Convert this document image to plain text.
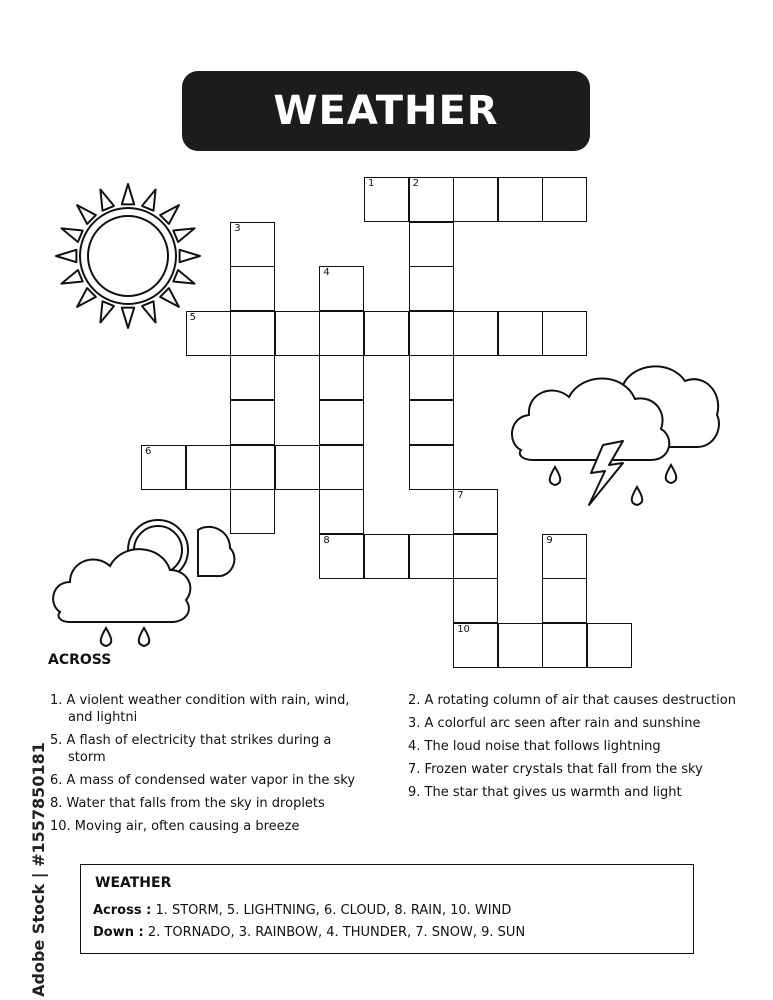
WEATHER
1	2
3
4
5
6
7
8	9
10
ACROSS
1. A violent weather condition with rain, wind, and lightni
5. A flash of electricity that strikes during a storm
6. A mass of condensed water vapor in the sky
8. Water that falls from the sky in droplets
10. Moving air, often causing a breeze
2. A rotating column of air that causes destruction
3. A colorful arc seen after rain and sunshine
4. The loud noise that follows lightning
7. Frozen water crystals that fall from the sky
9. The star that gives us warmth and light
WEATHER
Across : 1. STORM, 5. LIGHTNING, 6. CLOUD, 8. RAIN, 10. WIND
Down : 2. TORNADO, 3. RAINBOW, 4. THUNDER, 7. SNOW, 9. SUN
Adobe Stock | #1557850181
